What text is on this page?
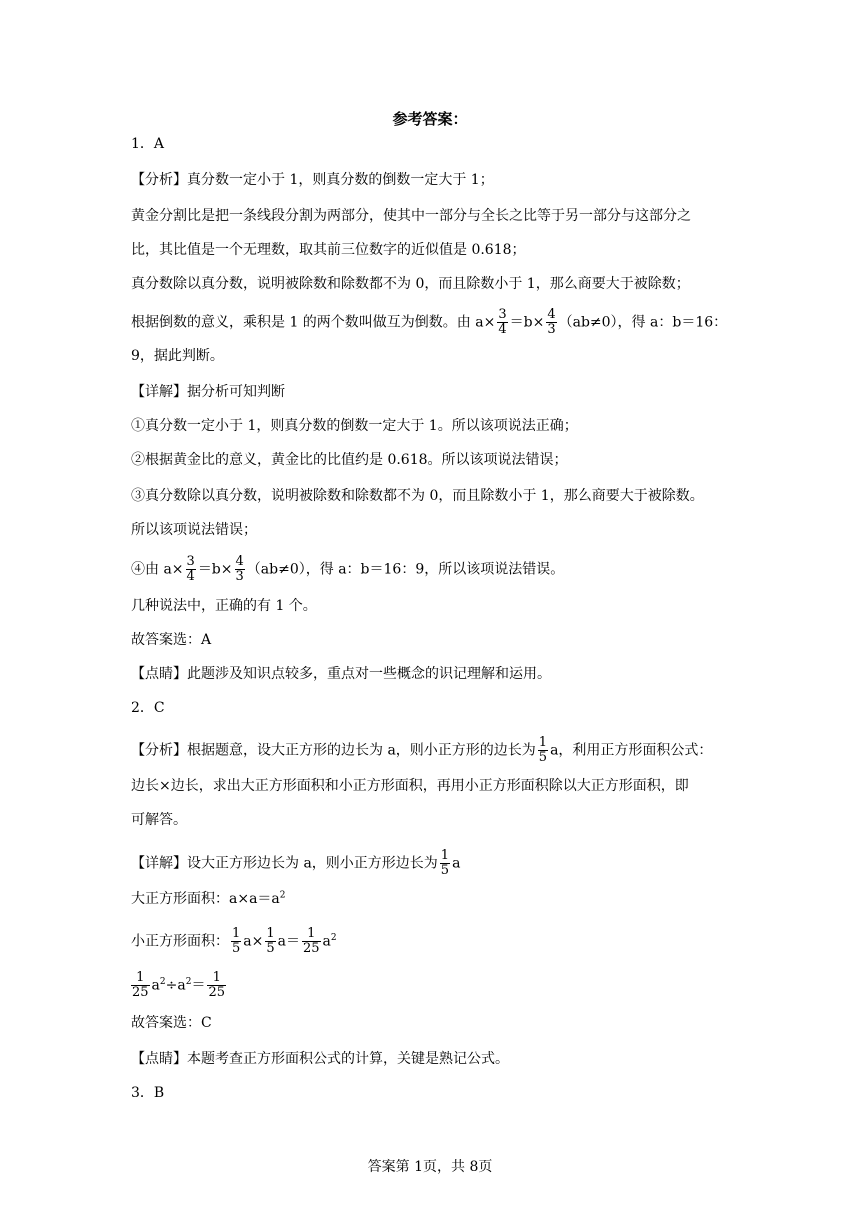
参考答案：
1．A
【分析】真分数一定小于 1，则真分数的倒数一定大于 1；
黄金分割比是把一条线段分割为两部分，使其中一部分与全长之比等于另一部分与这部分之
比，其比值是一个无理数，取其前三位数字的近似值是 0.618；
真分数除以真分数，说明被除数和除数都不为 0，而且除数小于 1，那么商要大于被除数；
根据倒数的意义，乘积是 1 的两个数叫做互为倒数。由 $a\times \frac{3}{4} =b\times \frac{4}{3} (ab\ne 0)$，得 a：b＝16：
9，据此判断。
【详解】据分析可知判断
①真分数一定小于 1，则真分数的倒数一定大于 1。所以该项说法正确；
②根据黄金比的意义，黄金比的比值约是 0.618。所以该项说法错误；
③真分数除以真分数，说明被除数和除数都不为 0，而且除数小于 1，那么商要大于被除数。
所以该项说法错误；
④由 $a\times \frac{3}{4} =b\times \frac{4}{3} (ab\ne 0)$，得 a：b＝16：9，所以该项说法错误。
几种说法中，正确的有 1 个。
故答案选：A
【点睛】此题涉及知识点较多，重点对一些概念的识记理解和运用。
2．C
【分析】根据题意，设大正方形的边长为 a，则小正方形的边长为 $\frac{1}{5}$ a，利用正方形面积公式：
边长×边长，求出大正方形面积和小正方形面积，再用小正方形面积除以大正方形面积，即
可解答。
【详解】设大正方形边长为 a，则小正方形边长为 $\frac{1}{5}$ a
大正方形面积：$a\times a=a^2$
小正方形面积： $\frac{1}{5} a\times \frac{1}{5} a= \frac{1}{25} a^2$
$\frac{1}{25} a^2\div a^2= \frac{1}{25}$
故答案选：C
【点睛】本题考查正方形面积公式的计算，关键是熟记公式。
3．B
答案第 1页，共 8页
